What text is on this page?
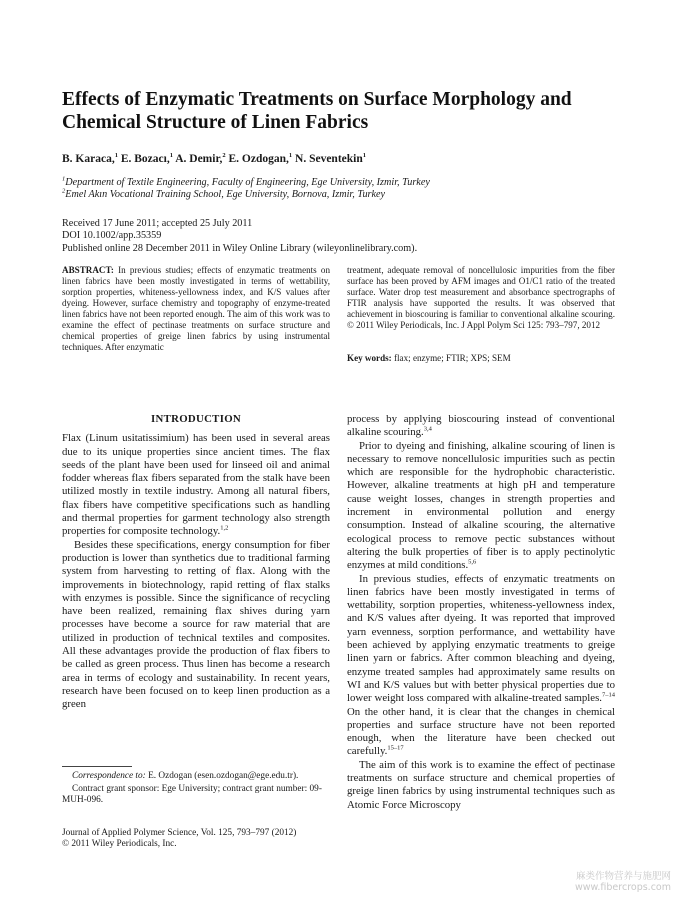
Effects of Enzymatic Treatments on Surface Morphology and Chemical Structure of Linen Fabrics
B. Karaca,$^1$ E. Bozacı,$^1$ A. Demir,$^2$ E. Ozdogan,$^1$ N. Seventekin$^1$
$^1$Department of Textile Engineering, Faculty of Engineering, Ege University, Izmir, Turkey
$^2$Emel Akın Vocational Training School, Ege University, Bornova, Izmir, Turkey
Received 17 June 2011; accepted 25 July 2011
DOI 10.1002/app.35359
Published online 28 December 2011 in Wiley Online Library (wileyonlinelibrary.com).
ABSTRACT: In previous studies; effects of enzymatic treatments on linen fabrics have been mostly investigated in terms of wettability, sorption properties, whiteness-yellowness index, and K/S values after dyeing. However, surface chemistry and topography of enzyme-treated linen fabrics have not been reported enough. The aim of this work was to examine the effect of pectinase treatments on surface structure and chemical properties of greige linen fabrics by using instrumental techniques. After enzymatic
treatment, adequate removal of noncellulosic impurities from the fiber surface has been proved by AFM images and O1/C1 ratio of the treated surface. Water drop test measurement and absorbance spectrographs of FTIR analysis have supported the results. It was observed that achievement in bioscouring is familiar to conventional alkaline scouring. © 2011 Wiley Periodicals, Inc. J Appl Polym Sci 125: 793–797, 2012
Key words: flax; enzyme; FTIR; XPS; SEM
INTRODUCTION

Flax (Linum usitatissimium) has been used in several areas due to its unique properties since ancient times. The flax seeds of the plant have been used for linseed oil and animal fodder whereas flax fibers separated from the stalk have been utilized mostly in textile industry. Among all natural fibers, flax fibers have competitive specifications such as handling and thermal properties for garment technology also strength properties for composite technology.$^{1,2}$

Besides these specifications, energy consumption for fiber production is lower than synthetics due to traditional farming system from harvesting to retting of flax. Along with the improvements in biotechnology, rapid retting of flax stalks with enzymes is possible. Since the significance of recycling have been realized, remaining flax shives during yarn processes have become a source for raw material that are utilized in production of technical textiles and composites. All these advantages provide the production of flax fibers to be called as green process. Thus linen has become a research area in terms of ecology and sustainability. In recent years, research have been focused on to keep linen production as a green

process by applying bioscouring instead of conventional alkaline scouring.$^{3,4}$

Prior to dyeing and finishing, alkaline scouring of linen is necessary to remove noncellulosic impurities such as pectin which are responsible for the hydrophobic characteristic. However, alkaline treatments at high pH and temperature cause weight losses, changes in strength properties and increment in environmental pollution and energy consumption. Instead of alkaline scouring, the alternative ecological process to remove pectic substances without altering the bulk properties of fiber is to apply pectinolytic enzymes at mild conditions.$^{5,6}$

In previous studies, effects of enzymatic treatments on linen fabrics have been mostly investigated in terms of wettability, sorption properties, whiteness-yellowness index, and K/S values after dyeing. It was reported that improved yarn evenness, sorption performance, and wettability have been achieved by applying enzymatic treatments to greige linen yarn or fabrics. After common bleaching and dyeing, enzyme treated samples had approximately same results on WI and K/S values but with better physical properties due to lower weight loss compared with alkaline-treated samples.$^{7-14}$ On the other hand, it is clear that the changes in chemical properties and surface structure have not been reported enough, when the literature have been checked out carefully.$^{15-17}$

The aim of this work is to examine the effect of pectinase treatments on surface structure and chemical properties of greige linen fabrics by using instrumental techniques such as Atomic Force Microscopy

Correspondence to: E. Ozdogan (esen.ozdogan@ege.edu.tr).

Contract grant sponsor: Ege University; contract grant number: 09-MUH-096.

Journal of Applied Polymer Science, Vol. 125, 793–797 (2012)
© 2011 Wiley Periodicals, Inc.
麻类作物营养与施肥网
www.fibercrops.com
